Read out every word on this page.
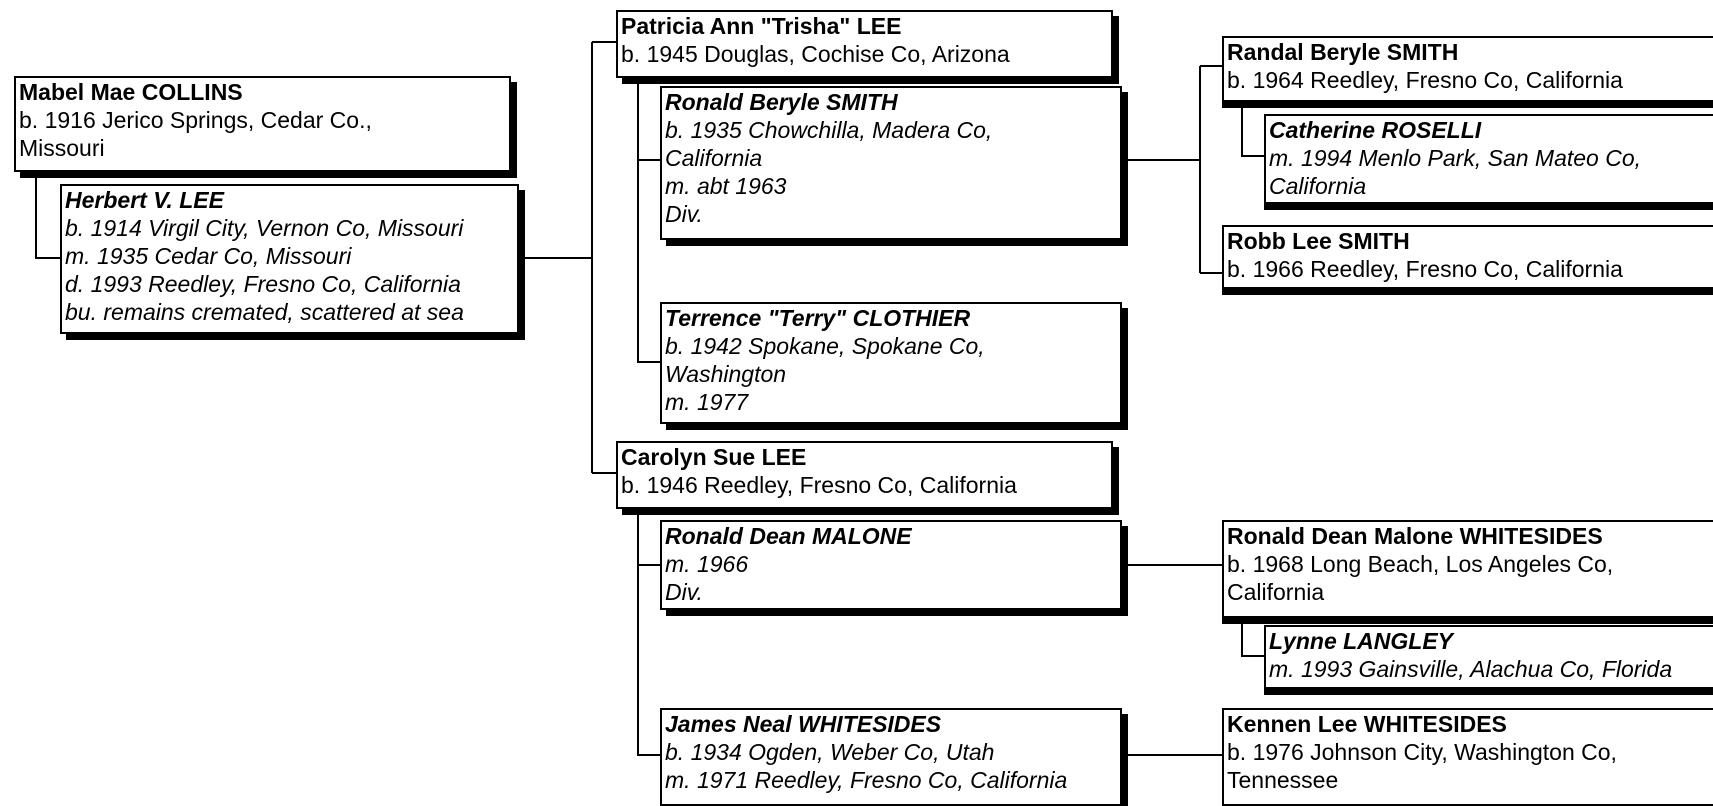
Mabel Mae COLLINS
b. 1916 Jerico Springs, Cedar Co.,
Missouri
Herbert V. LEE
b. 1914 Virgil City, Vernon Co, Missouri
m. 1935 Cedar Co, Missouri
d. 1993 Reedley, Fresno Co, California
bu. remains cremated, scattered at sea
Patricia Ann "Trisha" LEE
b. 1945 Douglas, Cochise Co, Arizona
Ronald Beryle SMITH
b. 1935 Chowchilla, Madera Co,
California
m. abt 1963
Div.
Terrence "Terry" CLOTHIER
b. 1942 Spokane, Spokane Co,
Washington
m. 1977
Carolyn Sue LEE
b. 1946 Reedley, Fresno Co, California
Ronald Dean MALONE
m. 1966
Div.
James Neal WHITESIDES
b. 1934 Ogden, Weber Co, Utah
m. 1971 Reedley, Fresno Co, California
Randal Beryle SMITH
b. 1964 Reedley, Fresno Co, California
Catherine ROSELLI
m. 1994 Menlo Park, San Mateo Co,
California
Robb Lee SMITH
b. 1966 Reedley, Fresno Co, California
Ronald Dean Malone WHITESIDES
b. 1968 Long Beach, Los Angeles Co,
California
Lynne LANGLEY
m. 1993 Gainsville, Alachua Co, Florida
Kennen Lee WHITESIDES
b. 1976 Johnson City, Washington Co,
Tennessee
